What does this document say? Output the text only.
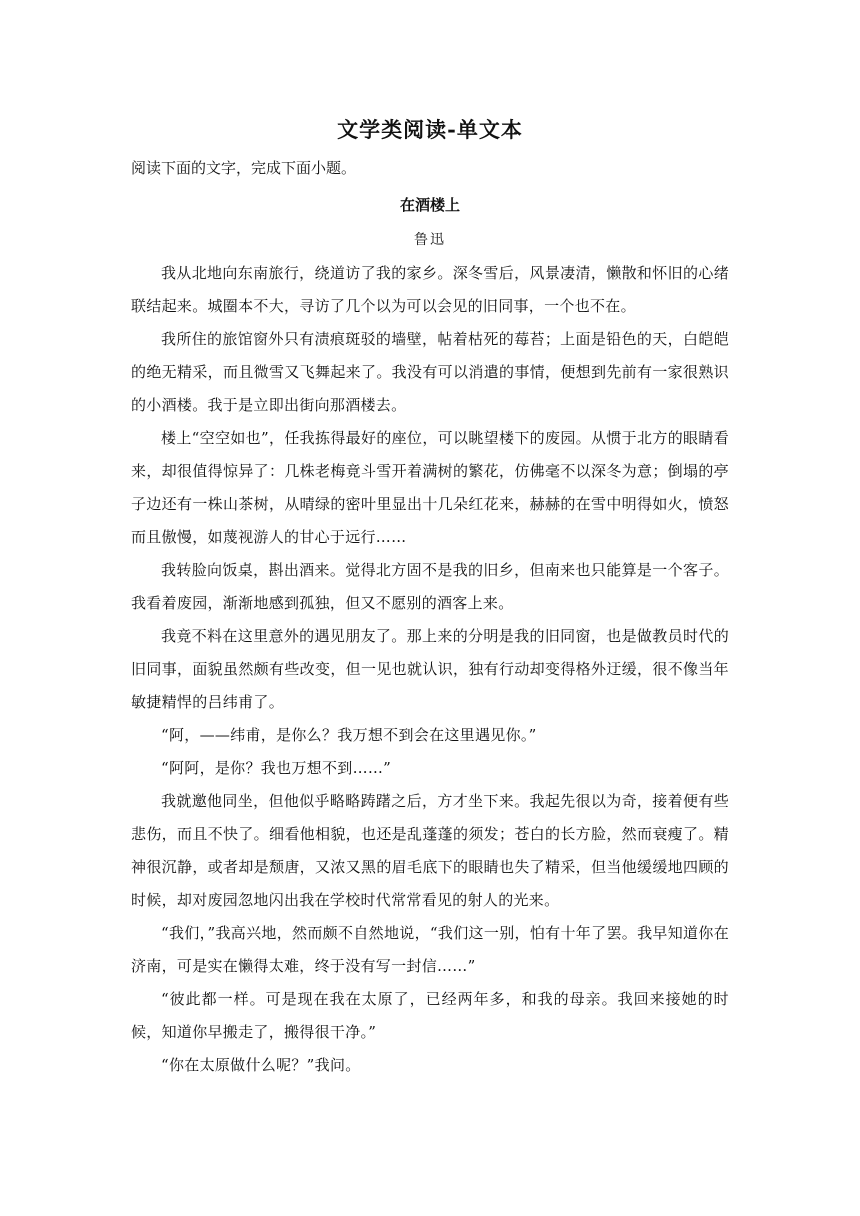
文学类阅读-单文本
阅读下面的文字，完成下面小题。
在酒楼上
鲁迅

我从北地向东南旅行，绕道访了我的家乡。深冬雪后，风景凄清，懒散和怀旧的心绪联结起来。城圈本不大，寻访了几个以为可以会见的旧同事，一个也不在。

我所住的旅馆窗外只有渍痕斑驳的墙壁，帖着枯死的莓苔；上面是铅色的天，白皑皑的绝无精采，而且微雪又飞舞起来了。我没有可以消遣的事情，便想到先前有一家很熟识的小酒楼。我于是立即出街向那酒楼去。

楼上“空空如也”，任我拣得最好的座位，可以眺望楼下的废园。从惯于北方的眼睛看来，却很值得惊异了：几株老梅竟斗雪开着满树的繁花，仿佛毫不以深冬为意；倒塌的亭子边还有一株山茶树，从晴绿的密叶里显出十几朵红花来，赫赫的在雪中明得如火，愤怒而且傲慢，如蔑视游人的甘心于远行……

我转脸向饭桌，斟出酒来。觉得北方固不是我的旧乡，但南来也只能算是一个客子。我看着废园，渐渐地感到孤独，但又不愿别的酒客上来。

我竟不料在这里意外的遇见朋友了。那上来的分明是我的旧同窗，也是做教员时代的旧同事，面貌虽然颇有些改变，但一见也就认识，独有行动却变得格外迂缓，很不像当年敏捷精悍的吕纬甫了。

“阿，——纬甫，是你么？我万想不到会在这里遇见你。”

“阿阿，是你？我也万想不到……”

我就邀他同坐，但他似乎略略踌躇之后，方才坐下来。我起先很以为奇，接着便有些悲伤，而且不快了。细看他相貌，也还是乱蓬蓬的须发；苍白的长方脸，然而衰瘦了。精神很沉静，或者却是颓唐，又浓又黑的眉毛底下的眼睛也失了精采，但当他缓缓地四顾的时候，却对废园忽地闪出我在学校时代常常看见的射人的光来。

“我们，”我高兴地，然而颇不自然地说，“我们这一别，怕有十年了罢。我早知道你在济南，可是实在懒得太难，终于没有写一封信……”

“彼此都一样。可是现在我在太原了，已经两年多，和我的母亲。我回来接她的时候，知道你早搬走了，搬得很干净。”

“你在太原做什么呢？”我问。
